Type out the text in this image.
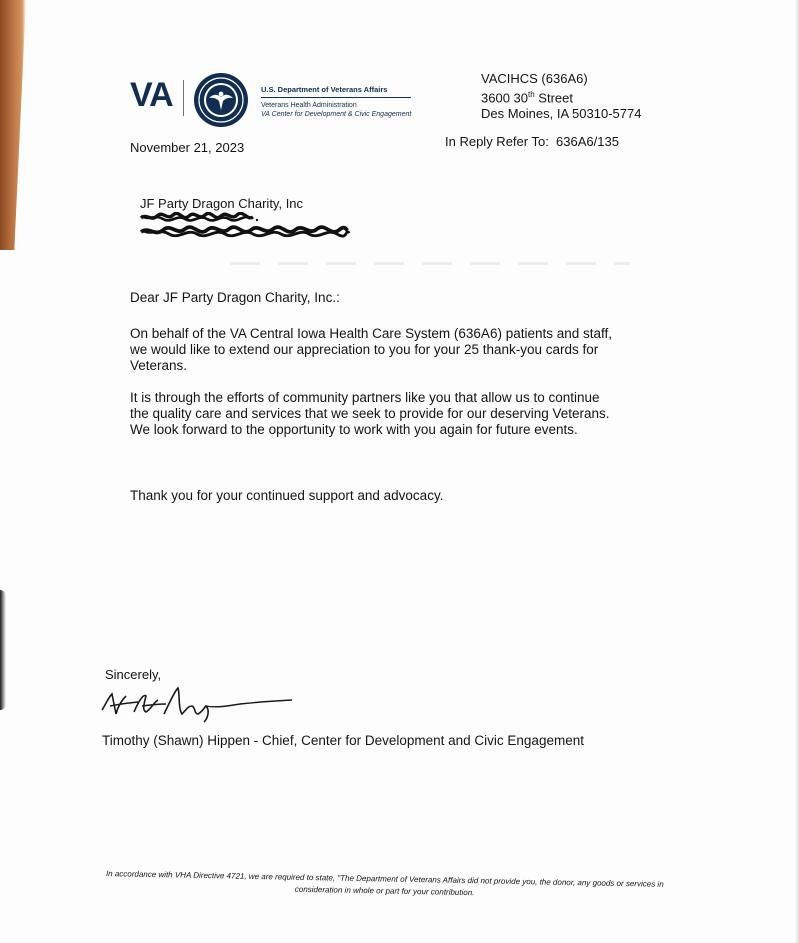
VA	U.S. Department of Veterans Affairs
Veterans Health Administration
VA Center for Development & Civic Engagement
VACIHCS (636A6)
3600 30th Street
Des Moines, IA 50310-5774
November 21, 2023	In Reply Refer To: 636A6/135
JF Party Dragon Charity, Inc
Dear JF Party Dragon Charity, Inc.:
On behalf of the VA Central Iowa Health Care System (636A6) patients and staff, we would like to extend our appreciation to you for your 25 thank-you cards for Veterans.
It is through the efforts of community partners like you that allow us to continue the quality care and services that we seek to provide for our deserving Veterans. We look forward to the opportunity to work with you again for future events.
Thank you for your continued support and advocacy.
Sincerely,
Timothy (Shawn) Hippen - Chief, Center for Development and Civic Engagement
In accordance with VHA Directive 4721, we are required to state, "The Department of Veterans Affairs did not provide you, the donor, any goods or services in consideration in whole or part for your contribution.
